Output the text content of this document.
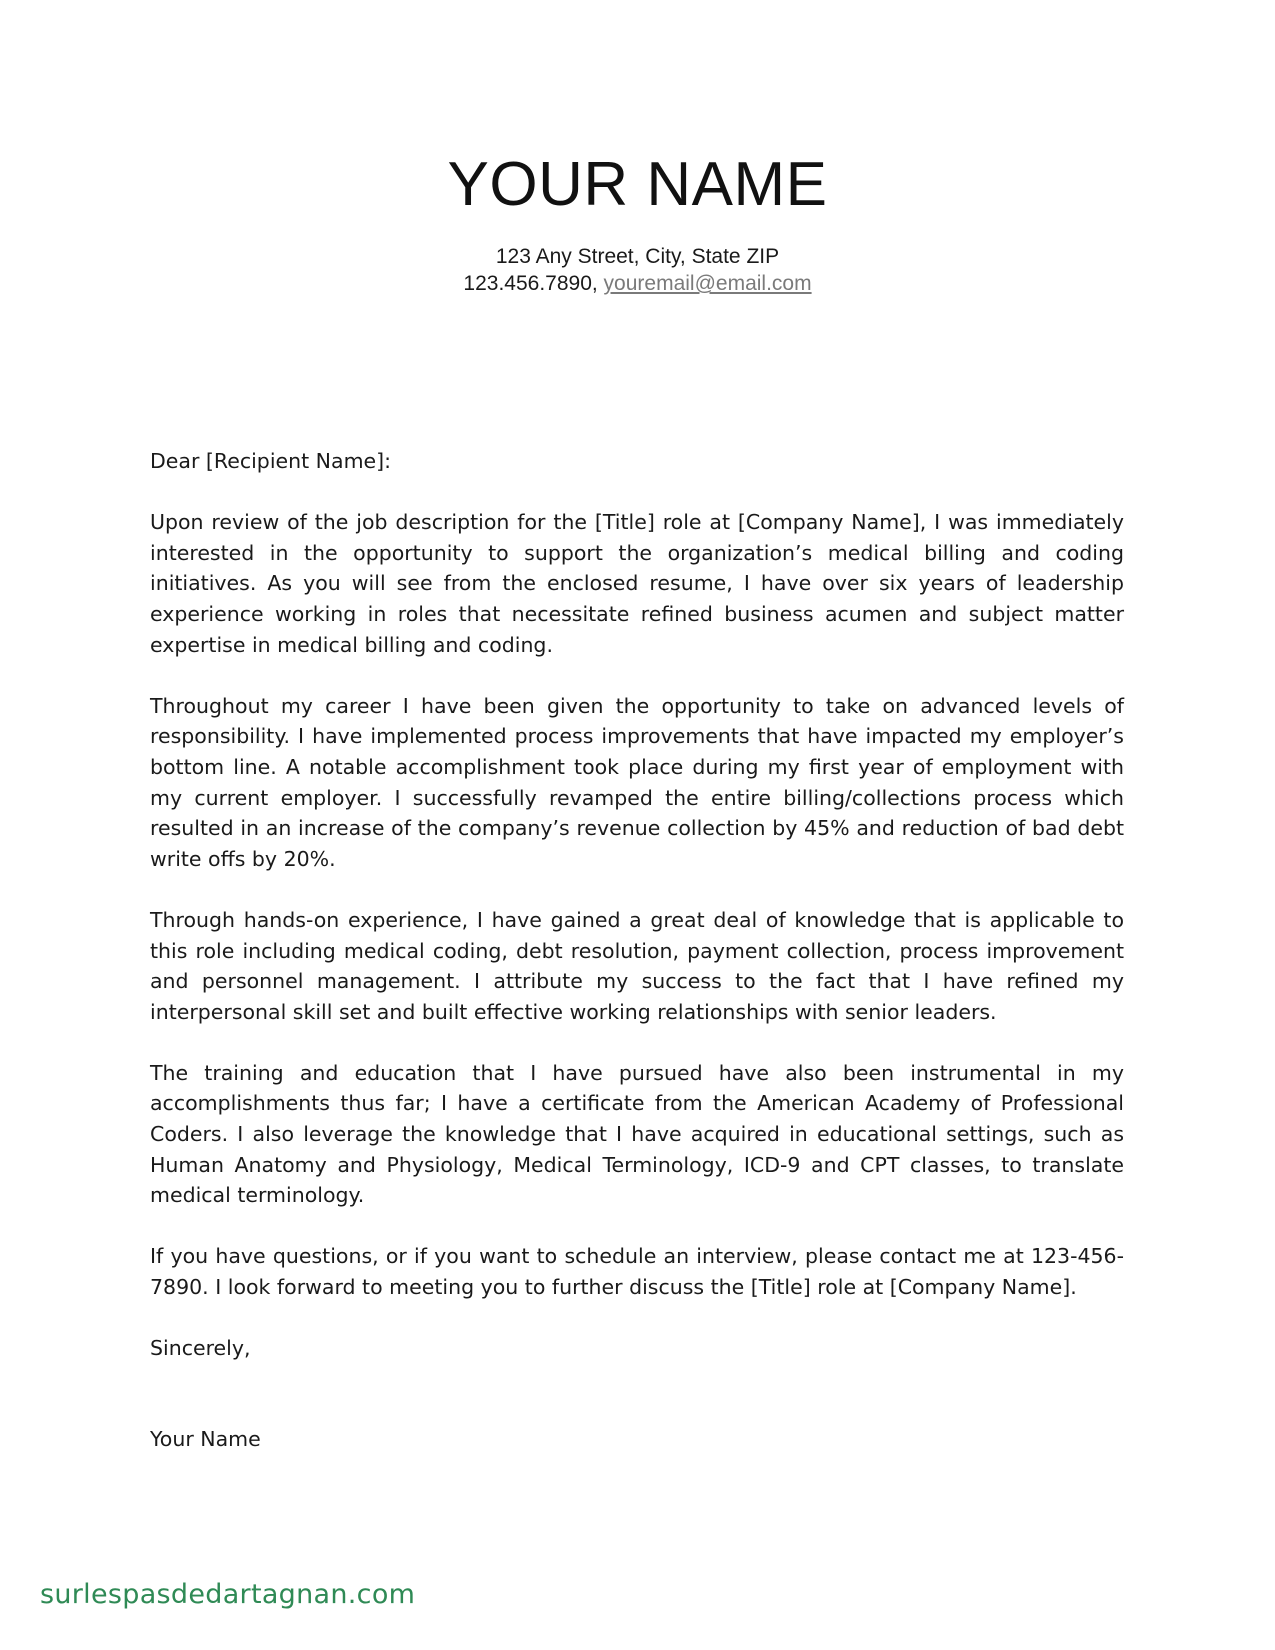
YOUR NAME
123 Any Street, City, State ZIP
123.456.7890, youremail@email.com

Dear [Recipient Name]:

Upon review of the job description for the [Title] role at [Company Name], I was immediately interested in the opportunity to support the organization’s medical billing and coding initiatives. As you will see from the enclosed resume, I have over six years of leadership experience working in roles that necessitate refined business acumen and subject matter expertise in medical billing and coding.

Throughout my career I have been given the opportunity to take on advanced levels of responsibility. I have implemented process improvements that have impacted my employer’s bottom line. A notable accomplishment took place during my first year of employment with my current employer. I successfully revamped the entire billing/collections process which resulted in an increase of the company’s revenue collection by 45% and reduction of bad debt write offs by 20%.

Through hands-on experience, I have gained a great deal of knowledge that is applicable to this role including medical coding, debt resolution, payment collection, process improvement and personnel management. I attribute my success to the fact that I have refined my interpersonal skill set and built effective working relationships with senior leaders.

The training and education that I have pursued have also been instrumental in my accomplishments thus far; I have a certificate from the American Academy of Professional Coders. I also leverage the knowledge that I have acquired in educational settings, such as Human Anatomy and Physiology, Medical Terminology, ICD-9 and CPT classes, to translate medical terminology.

If you have questions, or if you want to schedule an interview, please contact me at 123-456-7890. I look forward to meeting you to further discuss the [Title] role at [Company Name].

Sincerely,

Your Name
surlespasdedartagnan.com
